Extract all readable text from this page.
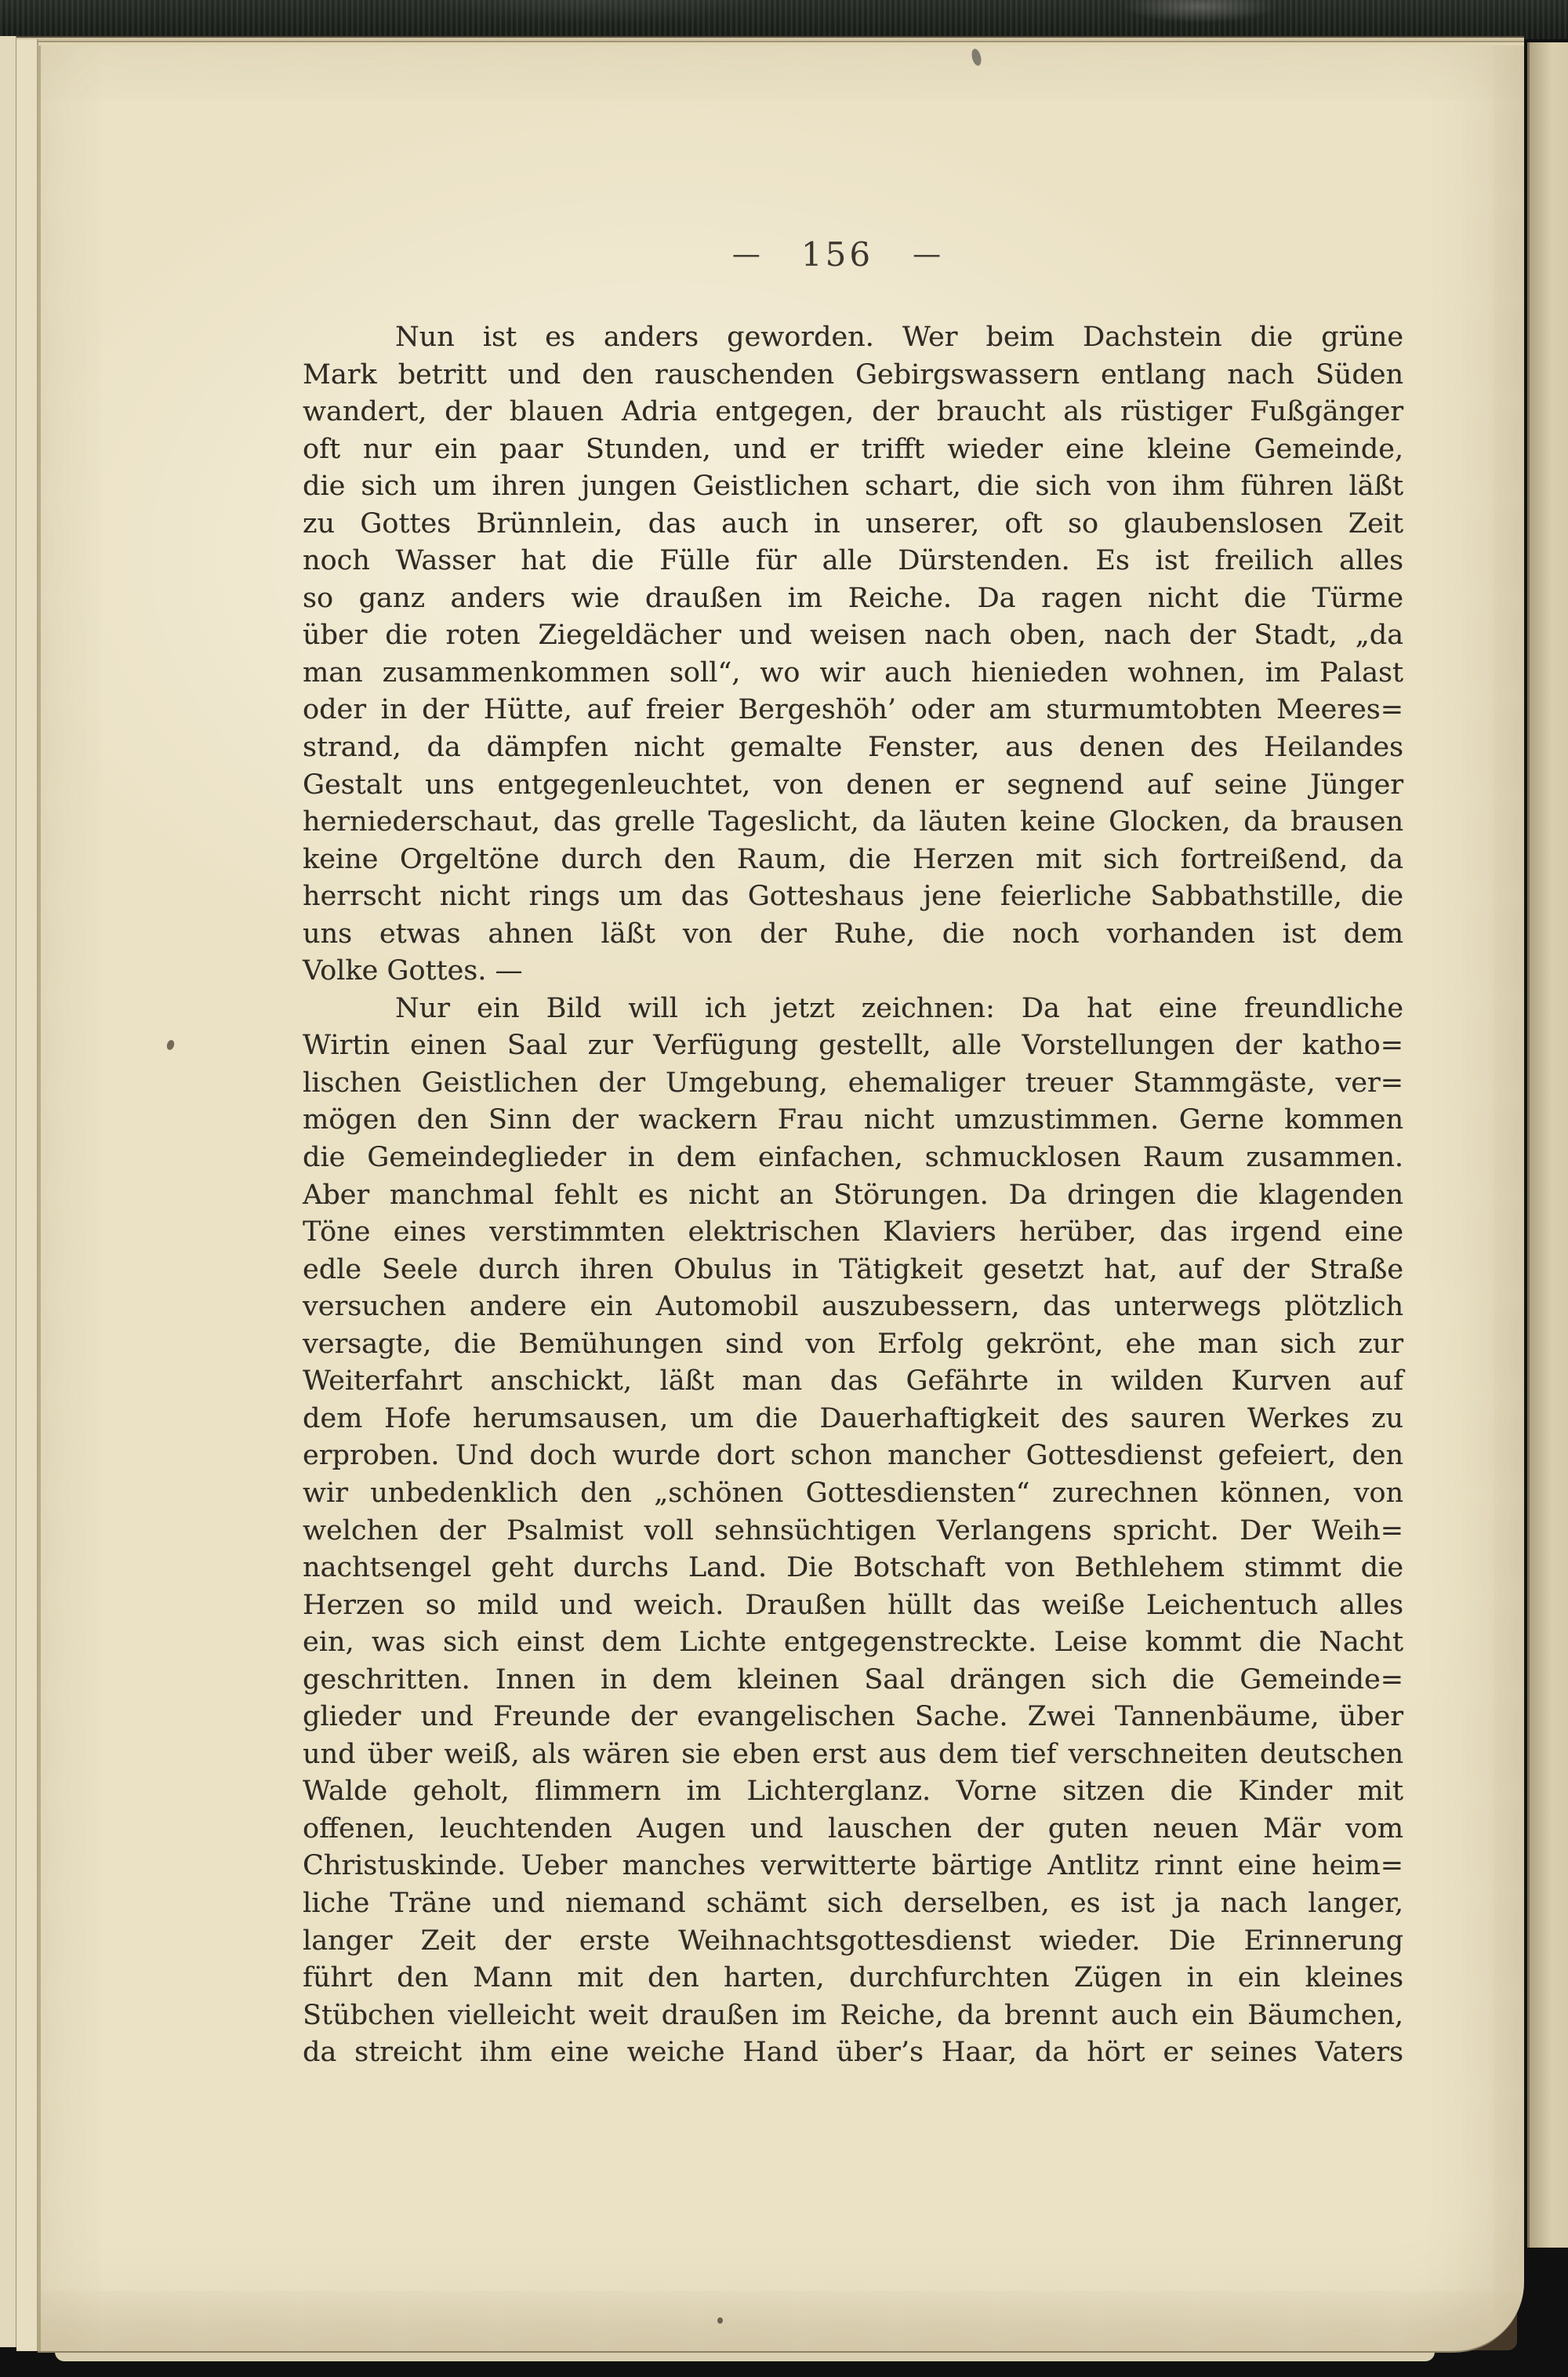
— 156 —
Nun ist es anders geworden. Wer beim Dachstein die grüne
Mark betritt und den rauschenden Gebirgswassern entlang nach Süden
wandert, der blauen Adria entgegen, der braucht als rüstiger Fußgänger
oft nur ein paar Stunden, und er trifft wieder eine kleine Gemeinde,
die sich um ihren jungen Geistlichen schart, die sich von ihm führen läßt
zu Gottes Brünnlein, das auch in unserer, oft so glaubenslosen Zeit
noch Wasser hat die Fülle für alle Dürstenden. Es ist freilich alles
so ganz anders wie draußen im Reiche. Da ragen nicht die Türme
über die roten Ziegeldächer und weisen nach oben, nach der Stadt, „da
man zusammenkommen soll“, wo wir auch hienieden wohnen, im Palast
oder in der Hütte, auf freier Bergeshöh’ oder am sturmumtobten Meeres=
strand, da dämpfen nicht gemalte Fenster, aus denen des Heilandes
Gestalt uns entgegenleuchtet, von denen er segnend auf seine Jünger
herniederschaut, das grelle Tageslicht, da läuten keine Glocken, da brausen
keine Orgeltöne durch den Raum, die Herzen mit sich fortreißend, da
herrscht nicht rings um das Gotteshaus jene feierliche Sabbathstille, die
uns etwas ahnen läßt von der Ruhe, die noch vorhanden ist dem
Volke Gottes. —
Nur ein Bild will ich jetzt zeichnen: Da hat eine freundliche
Wirtin einen Saal zur Verfügung gestellt, alle Vorstellungen der katho=
lischen Geistlichen der Umgebung, ehemaliger treuer Stammgäste, ver=
mögen den Sinn der wackern Frau nicht umzustimmen. Gerne kommen
die Gemeindeglieder in dem einfachen, schmucklosen Raum zusammen.
Aber manchmal fehlt es nicht an Störungen. Da dringen die klagenden
Töne eines verstimmten elektrischen Klaviers herüber, das irgend eine
edle Seele durch ihren Obulus in Tätigkeit gesetzt hat, auf der Straße
versuchen andere ein Automobil auszubessern, das unterwegs plötzlich
versagte, die Bemühungen sind von Erfolg gekrönt, ehe man sich zur
Weiterfahrt anschickt, läßt man das Gefährte in wilden Kurven auf
dem Hofe herumsausen, um die Dauerhaftigkeit des sauren Werkes zu
erproben. Und doch wurde dort schon mancher Gottesdienst gefeiert, den
wir unbedenklich den „schönen Gottesdiensten“ zurechnen können, von
welchen der Psalmist voll sehnsüchtigen Verlangens spricht. Der Weih=
nachtsengel geht durchs Land. Die Botschaft von Bethlehem stimmt die
Herzen so mild und weich. Draußen hüllt das weiße Leichentuch alles
ein, was sich einst dem Lichte entgegenstreckte. Leise kommt die Nacht
geschritten. Innen in dem kleinen Saal drängen sich die Gemeinde=
glieder und Freunde der evangelischen Sache. Zwei Tannenbäume, über
und über weiß, als wären sie eben erst aus dem tief verschneiten deutschen
Walde geholt, flimmern im Lichterglanz. Vorne sitzen die Kinder mit
offenen, leuchtenden Augen und lauschen der guten neuen Mär vom
Christuskinde. Ueber manches verwitterte bärtige Antlitz rinnt eine heim=
liche Träne und niemand schämt sich derselben, es ist ja nach langer,
langer Zeit der erste Weihnachtsgottesdienst wieder. Die Erinnerung
führt den Mann mit den harten, durchfurchten Zügen in ein kleines
Stübchen vielleicht weit draußen im Reiche, da brennt auch ein Bäumchen,
da streicht ihm eine weiche Hand über’s Haar, da hört er seines Vaters
